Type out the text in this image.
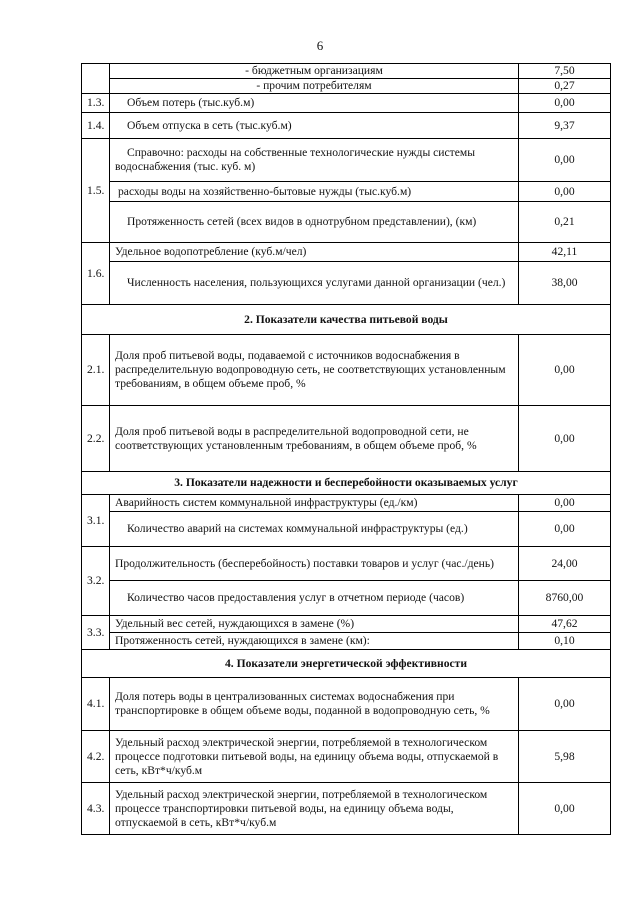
6
	- бюджетным организациям	7,50
	- прочим потребителям	0,27
1.3.	Объем потерь (тыс.куб.м)	0,00
1.4.	Объем отпуска в сеть (тыс.куб.м)	9,37
1.5.	Справочно: расходы на собственные технологические нужды системы водоснабжения (тыс. куб. м)	0,00
	расходы воды на хозяйственно-бытовые нужды (тыс.куб.м)	0,00
	Протяженность сетей (всех видов в однотрубном представлении), (км)	0,21
1.6.	Удельное водопотребление (куб.м/чел)	42,11
	Численность населения, пользующихся услугами данной организации (чел.)	38,00
2. Показатели качества питьевой воды		
2.1.	Доля проб питьевой воды, подаваемой с источников водоснабжения в распределительную водопроводную сеть, не соответствующих установленным требованиям, в общем объеме проб, %	0,00
2.2.	Доля проб питьевой воды в распределительной водопроводной сети, не соответствующих установленным требованиям, в общем объеме проб, %	0,00
3. Показатели надежности и бесперебойности оказываемых услуг		
3.1.	Аварийность систем коммунальной инфраструктуры (ед./км)	0,00
	Количество аварий на системах коммунальной инфраструктуры (ед.)	0,00
3.2.	Продолжительность (бесперебойность) поставки товаров и услуг (час./день)	24,00
	Количество часов предоставления услуг в отчетном периоде (часов)	8760,00
3.3.	Удельный вес сетей, нуждающихся в замене (%)	47,62
	Протяженность сетей, нуждающихся в замене (км):	0,10
4. Показатели энергетической эффективности		
4.1.	Доля потерь воды в централизованных системах водоснабжения при транспортировке в общем объеме воды, поданной в водопроводную сеть, %	0,00
4.2.	Удельный расход электрической энергии, потребляемой в технологическом процессе подготовки питьевой воды, на единицу объема воды, отпускаемой в сеть, кВт*ч/куб.м	5,98
4.3.	Удельный расход электрической энергии, потребляемой в технологическом процессе транспортировки питьевой воды, на единицу объема воды, отпускаемой в сеть, кВт*ч/куб.м	0,00
